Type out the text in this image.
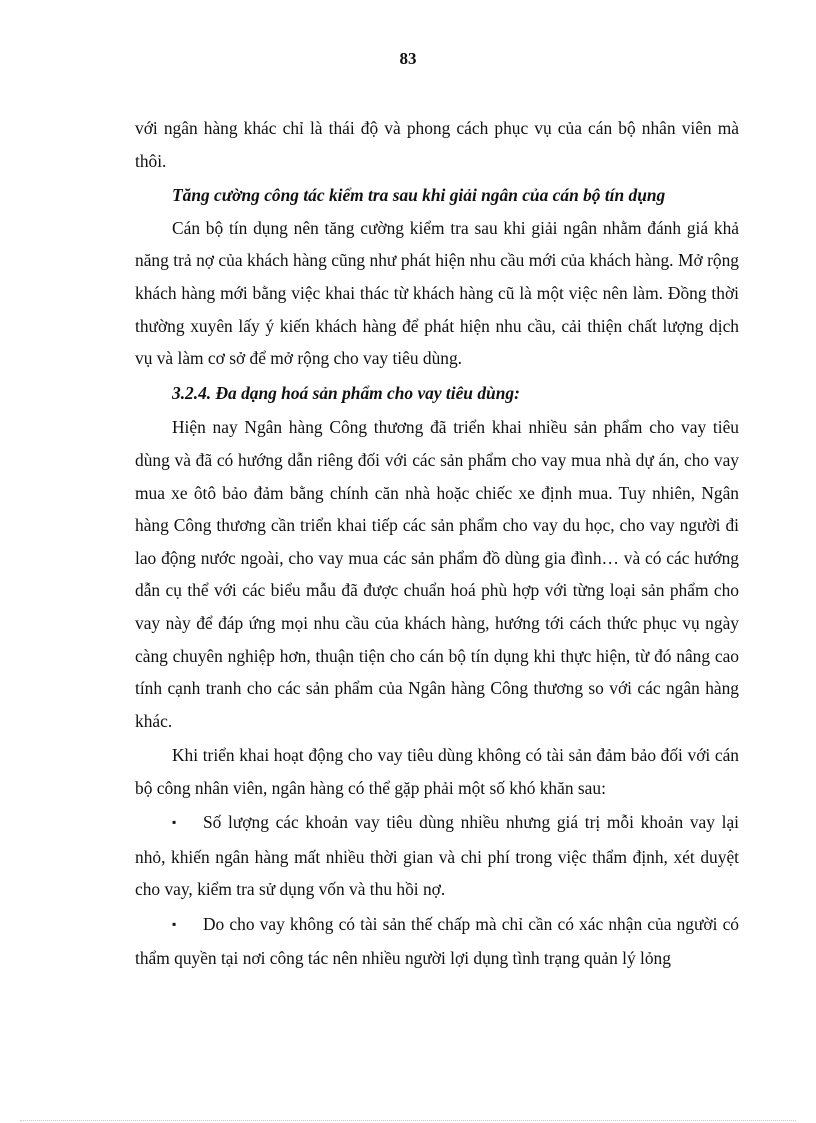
83

với ngân hàng khác chỉ là thái độ và phong cách phục vụ của cán bộ nhân viên mà thôi.

Tăng cường công tác kiểm tra sau khi giải ngân của cán bộ tín dụng

Cán bộ tín dụng nên tăng cường kiểm tra sau khi giải ngân nhằm đánh giá khả năng trả nợ của khách hàng cũng như phát hiện nhu cầu mới của khách hàng. Mở rộng khách hàng mới bằng việc khai thác từ khách hàng cũ là một việc nên làm. Đồng thời thường xuyên lấy ý kiến khách hàng để phát hiện nhu cầu, cải thiện chất lượng dịch vụ và làm cơ sở để mở rộng cho vay tiêu dùng.

3.2.4. Đa dạng hoá sản phẩm cho vay tiêu dùng:

Hiện nay Ngân hàng Công thương đã triển khai nhiều sản phẩm cho vay tiêu dùng và đã có hướng dẫn riêng đối với các sản phẩm cho vay mua nhà dự án, cho vay mua xe ôtô bảo đảm bằng chính căn nhà hoặc chiếc xe định mua. Tuy nhiên, Ngân hàng Công thương cần triển khai tiếp các sản phẩm cho vay du học, cho vay người đi lao động nước ngoài, cho vay mua các sản phẩm đồ dùng gia đình… và có các hướng dẫn cụ thể với các biểu mẫu đã được chuẩn hoá phù hợp với từng loại sản phẩm cho vay này để đáp ứng mọi nhu cầu của khách hàng, hướng tới cách thức phục vụ ngày càng chuyên nghiệp hơn, thuận tiện cho cán bộ tín dụng khi thực hiện, từ đó nâng cao tính cạnh tranh cho các sản phẩm của Ngân hàng Công thương so với các ngân hàng khác.

Khi triển khai hoạt động cho vay tiêu dùng không có tài sản đảm bảo đối với cán bộ công nhân viên, ngân hàng có thể gặp phải một số khó khăn sau:

▪ Số lượng các khoản vay tiêu dùng nhiều nhưng giá trị mỗi khoản vay lại nhỏ, khiến ngân hàng mất nhiều thời gian và chi phí trong việc thẩm định, xét duyệt cho vay, kiểm tra sử dụng vốn và thu hồi nợ.

▪ Do cho vay không có tài sản thế chấp mà chỉ cần có xác nhận của người có thẩm quyền tại nơi công tác nên nhiều người lợi dụng tình trạng quản lý lỏng
